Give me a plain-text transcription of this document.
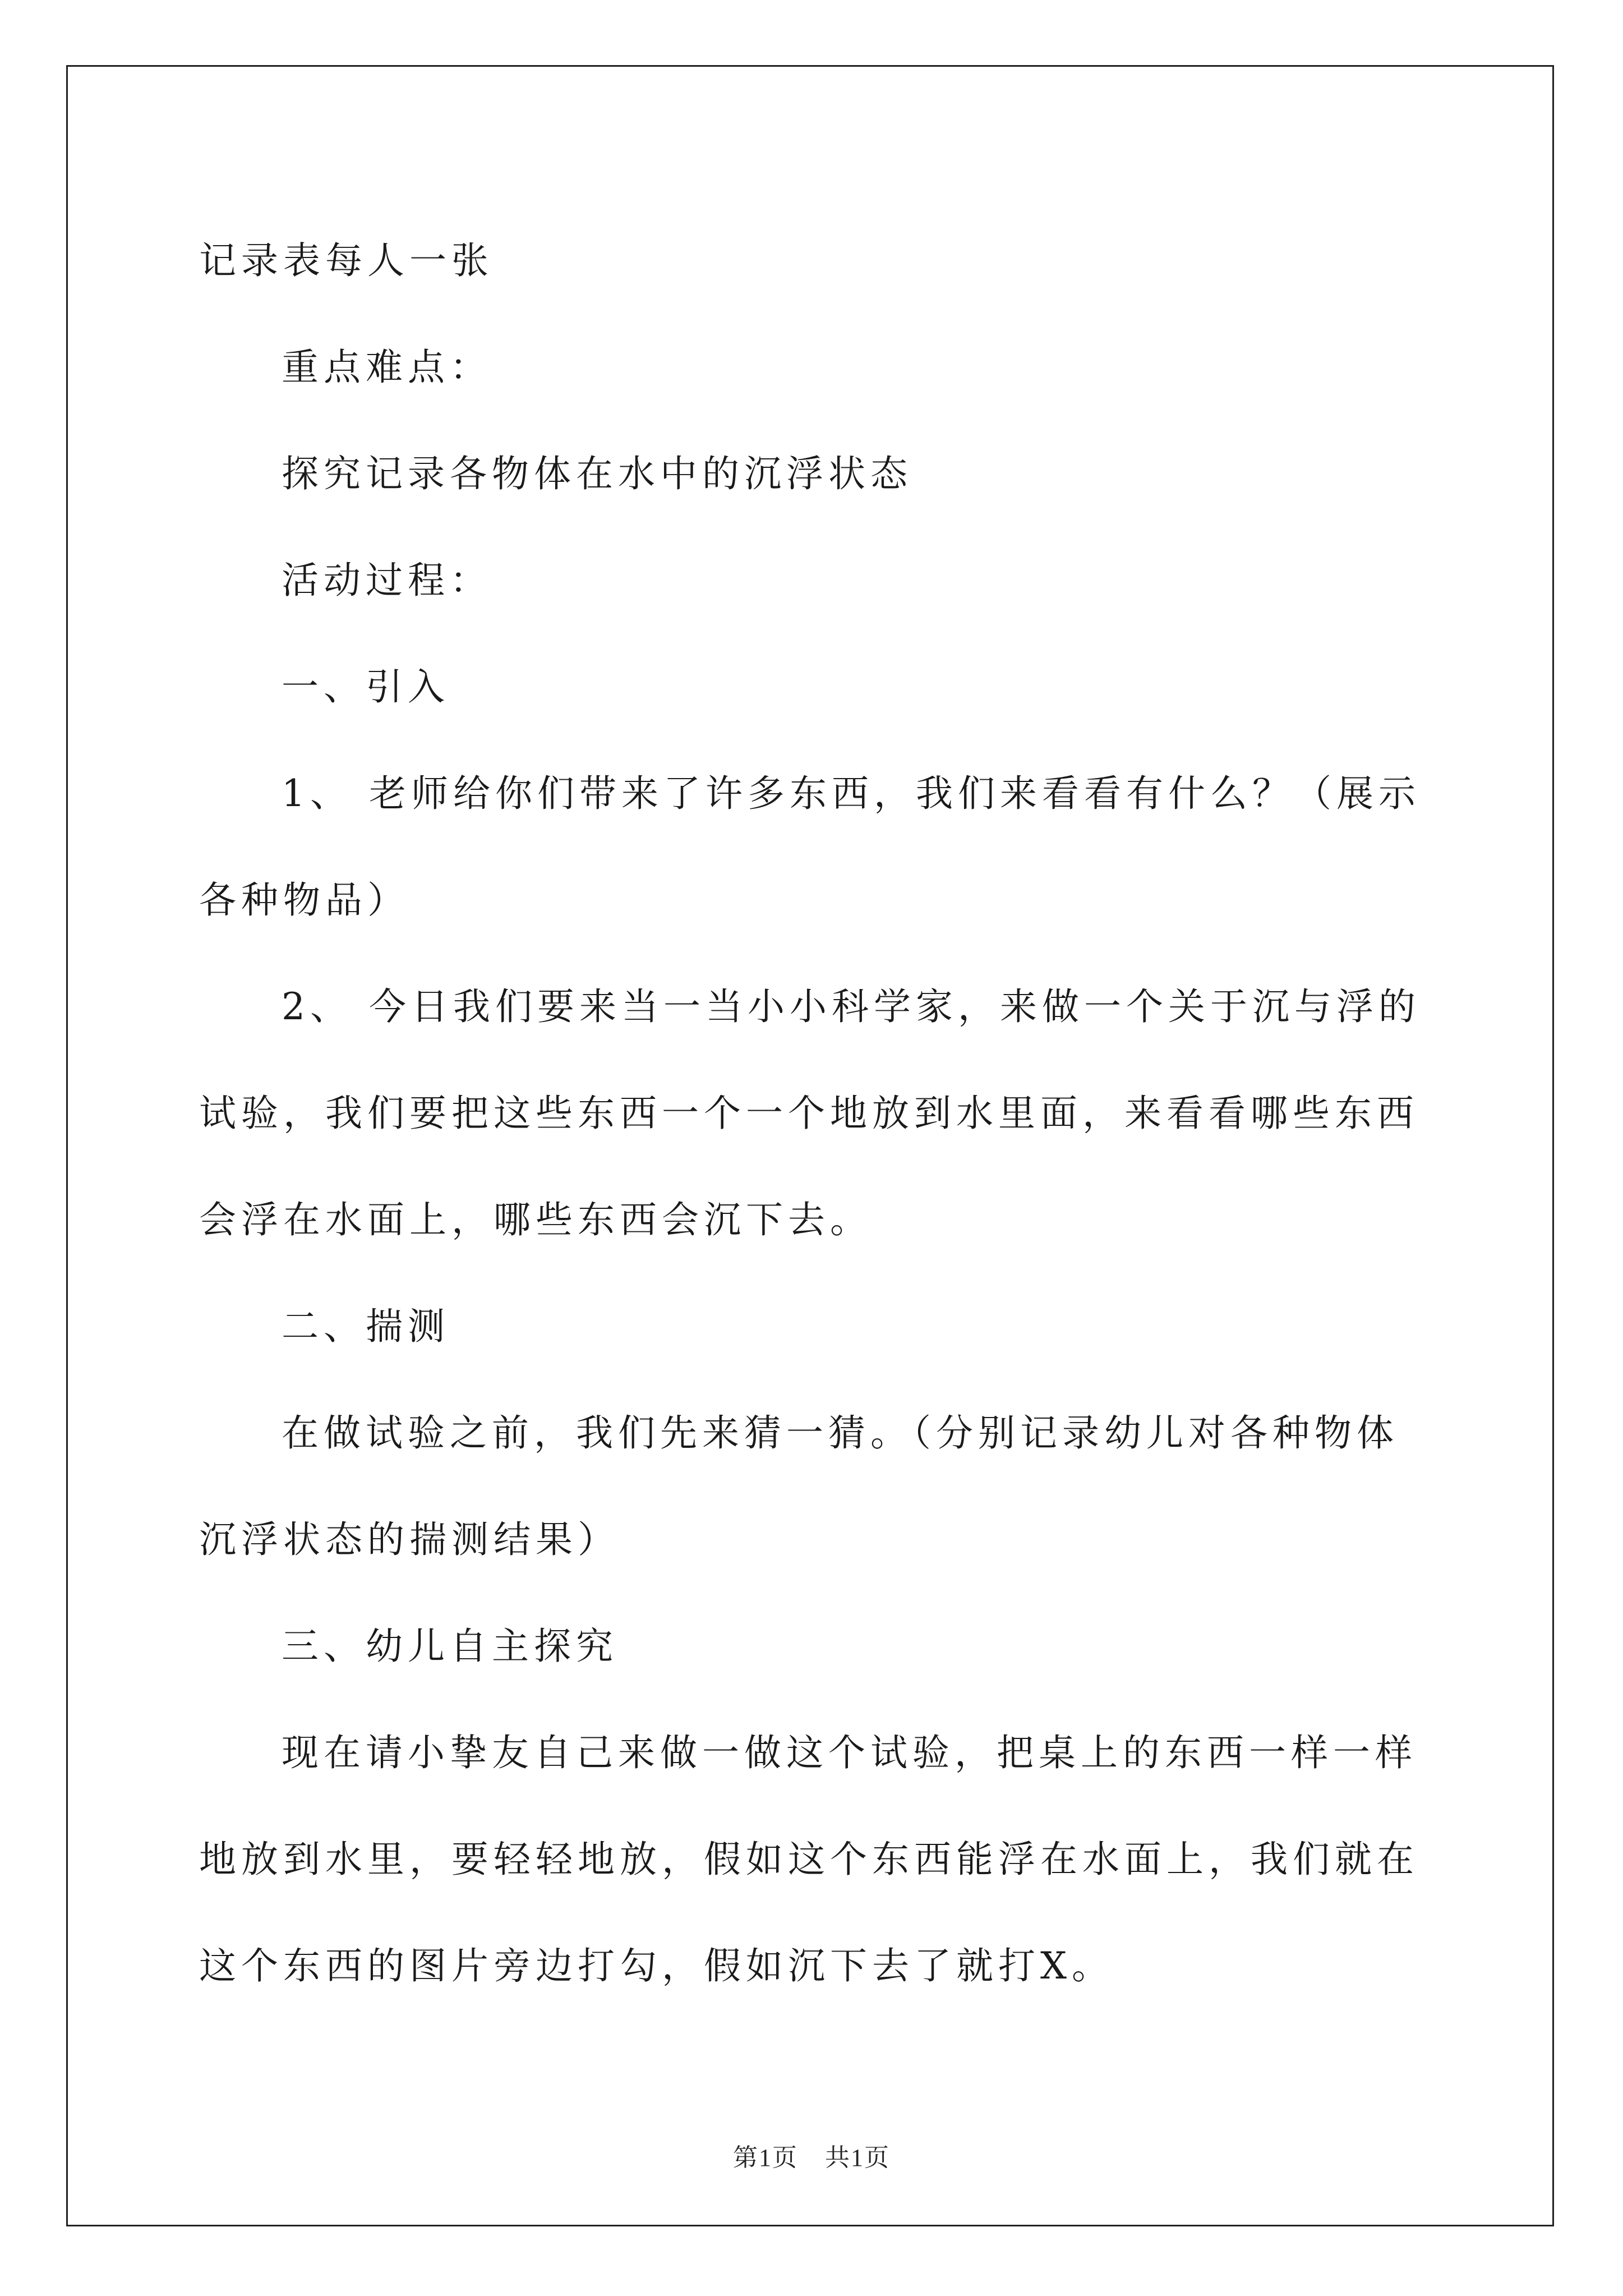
记录表每人一张

重点难点：

探究记录各物体在水中的沉浮状态

活动过程：

一、引入

1、 老师给你们带来了许多东西，我们来看看有什么？（展示各种物品）

2、 今日我们要来当一当小小科学家，来做一个关于沉与浮的试验，我们要把这些东西一个一个地放到水里面，来看看哪些东西会浮在水面上，哪些东西会沉下去。

二、揣测

在做试验之前，我们先来猜一猜。（分别记录幼儿对各种物体沉浮状态的揣测结果）

三、幼儿自主探究

现在请小挚友自己来做一做这个试验，把桌上的东西一样一样地放到水里，要轻轻地放，假如这个东西能浮在水面上，我们就在这个东西的图片旁边打勾，假如沉下去了就打X。

第1页 共1页
